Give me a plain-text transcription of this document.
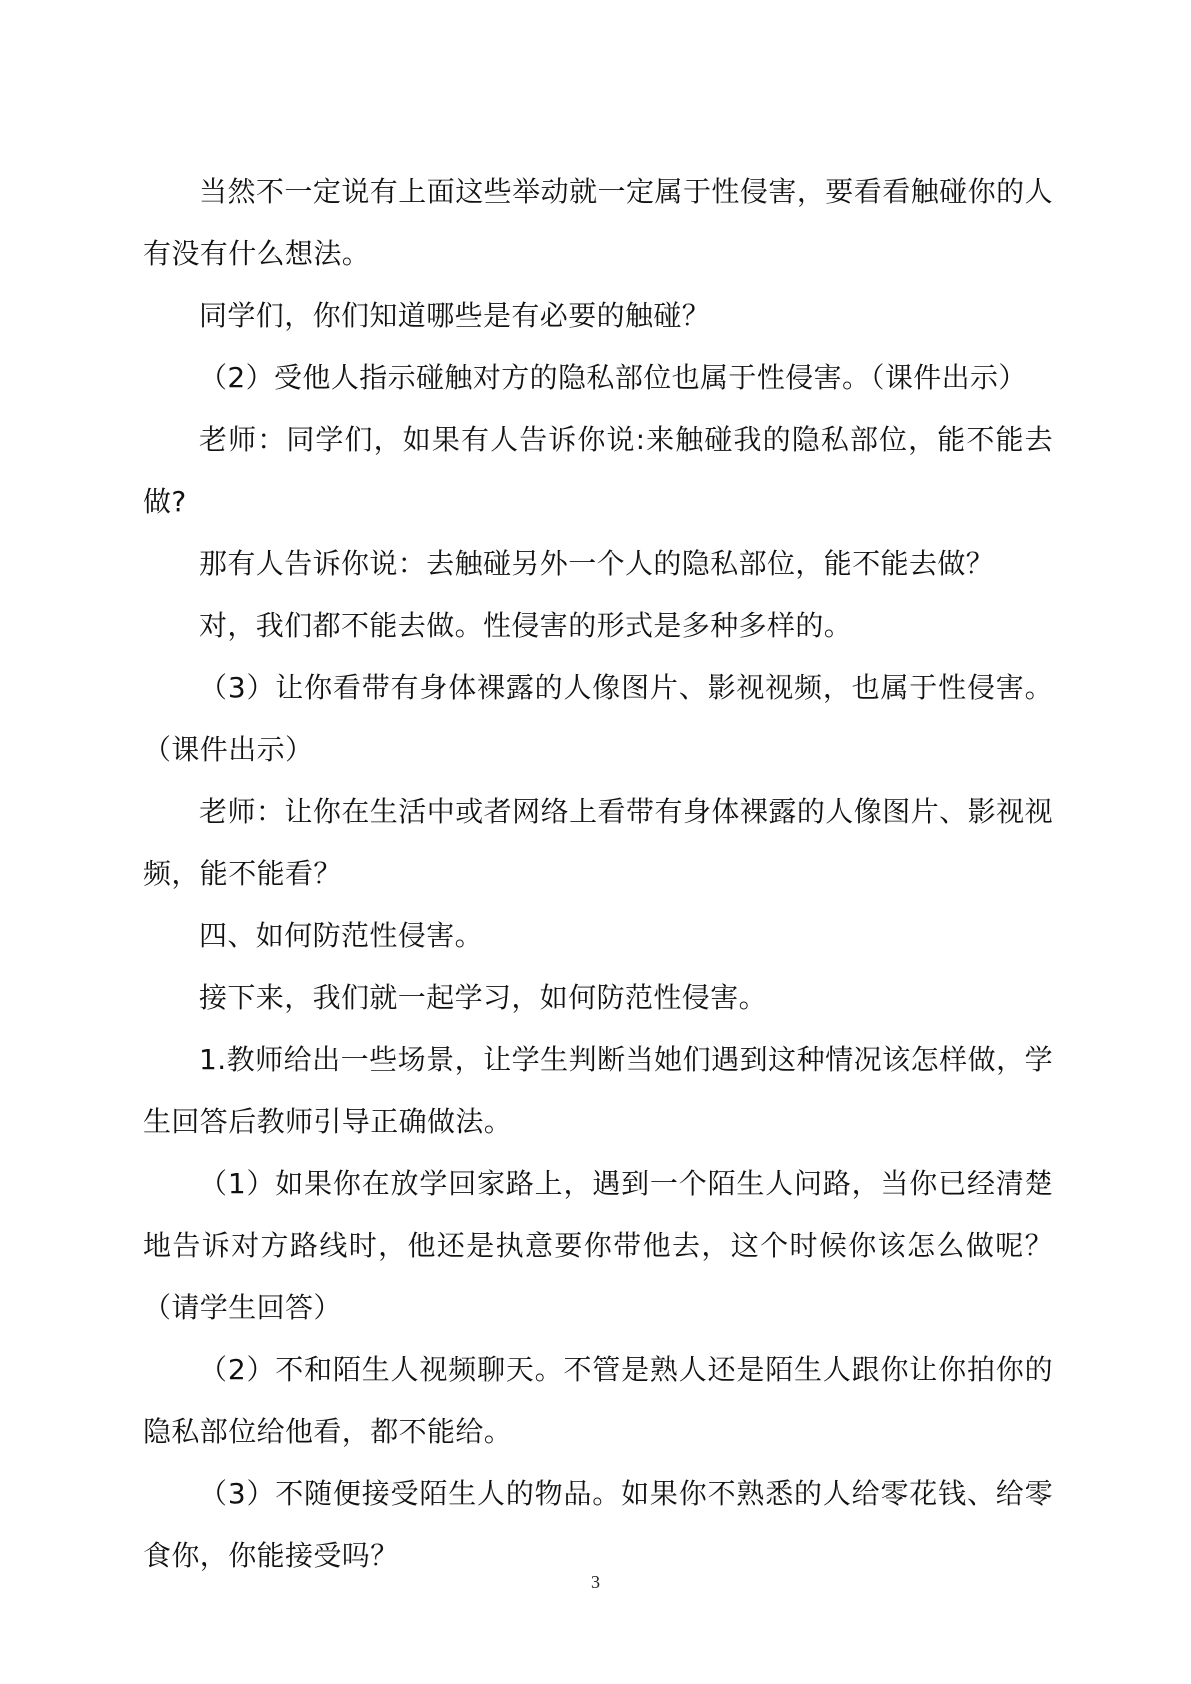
当然不一定说有上面这些举动就一定属于性侵害，要看看触碰你的人有没有什么想法。

同学们，你们知道哪些是有必要的触碰？

（2）受他人指示碰触对方的隐私部位也属于性侵害。（课件出示）

老师：同学们，如果有人告诉你说:来触碰我的隐私部位，能不能去做?

那有人告诉你说：去触碰另外一个人的隐私部位，能不能去做？

对，我们都不能去做。性侵害的形式是多种多样的。

（3）让你看带有身体裸露的人像图片、影视视频，也属于性侵害。（课件出示）

老师：让你在生活中或者网络上看带有身体裸露的人像图片、影视视频，能不能看？

四、如何防范性侵害。

接下来，我们就一起学习，如何防范性侵害。

1.教师给出一些场景，让学生判断当她们遇到这种情况该怎样做，学生回答后教师引导正确做法。

（1）如果你在放学回家路上，遇到一个陌生人问路，当你已经清楚地告诉对方路线时，他还是执意要你带他去，这个时候你该怎么做呢？（请学生回答）

（2）不和陌生人视频聊天。不管是熟人还是陌生人跟你让你拍你的隐私部位给他看，都不能给。

（3）不随便接受陌生人的物品。如果你不熟悉的人给零花钱、给零食你，你能接受吗？

3
